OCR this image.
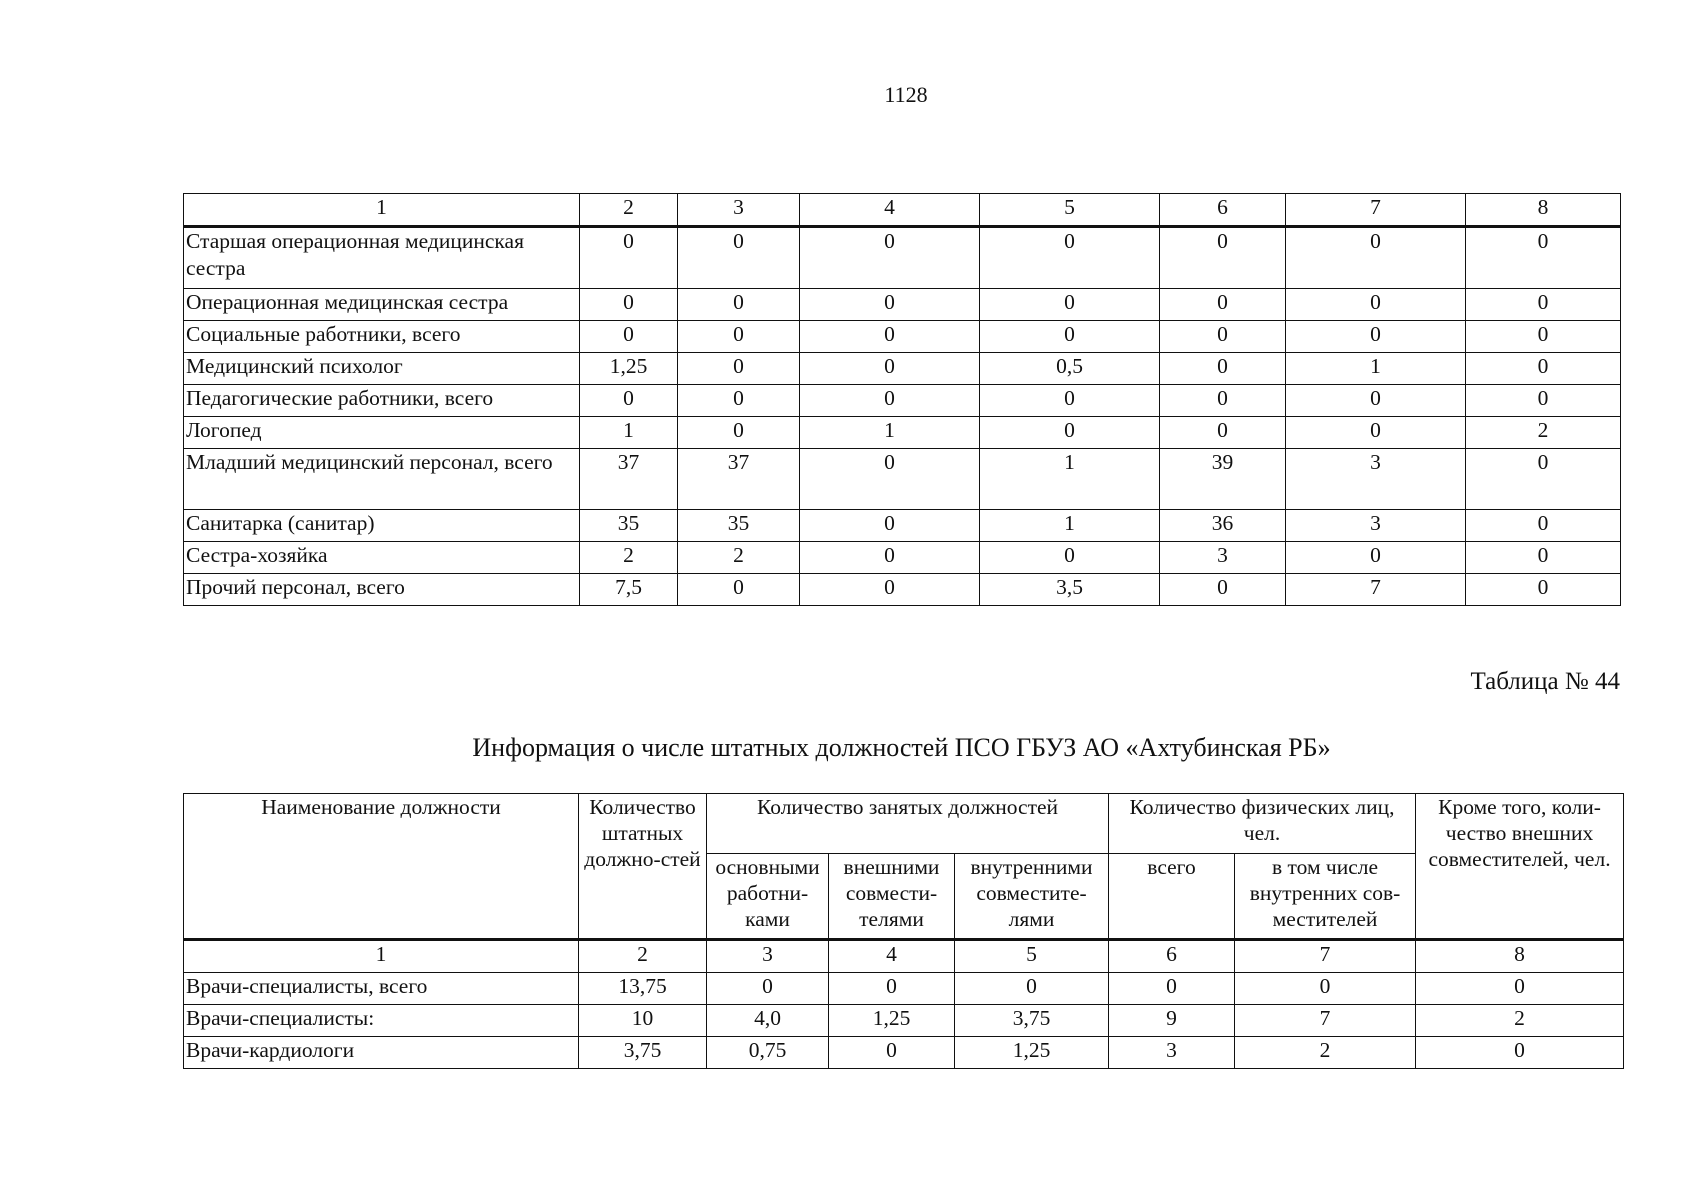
1128
1	2	3	4	5	6	7	8
Старшая операционная медицинская сестра	0	0	0	0	0	0	0
Операционная медицинская сестра	0	0	0	0	0	0	0
Социальные работники, всего	0	0	0	0	0	0	0
Медицинский психолог	1,25	0	0	0,5	0	1	0
Педагогические работники, всего	0	0	0	0	0	0	0
Логопед	1	0	1	0	0	0	2
Младший медицинский персонал, всего	37	37	0	1	39	3	0
Санитарка (санитар)	35	35	0	1	36	3	0
Сестра-хозяйка	2	2	0	0	3	0	0
Прочий персонал, всего	7,5	0	0	3,5	0	7	0
Таблица № 44
Информация о числе штатных должностей ПСО ГБУЗ АО «Ахтубинская РБ»
Наименование должности	Количество штатных должно-стей	Количество занятых должностей			Количество физических лиц, чел.		Кроме того, коли-чество внешних совместителей, чел.
		основными работни-ками	внешними совмести-телями	внутренними совместите-лями	всего	в том числе внутренних сов-местителей	
1	2	3	4	5	6	7	8
Врачи-специалисты, всего	13,75	0	0	0	0	0	0
Врачи-специалисты:	10	4,0	1,25	3,75	9	7	2
Врачи-кардиологи	3,75	0,75	0	1,25	3	2	0
